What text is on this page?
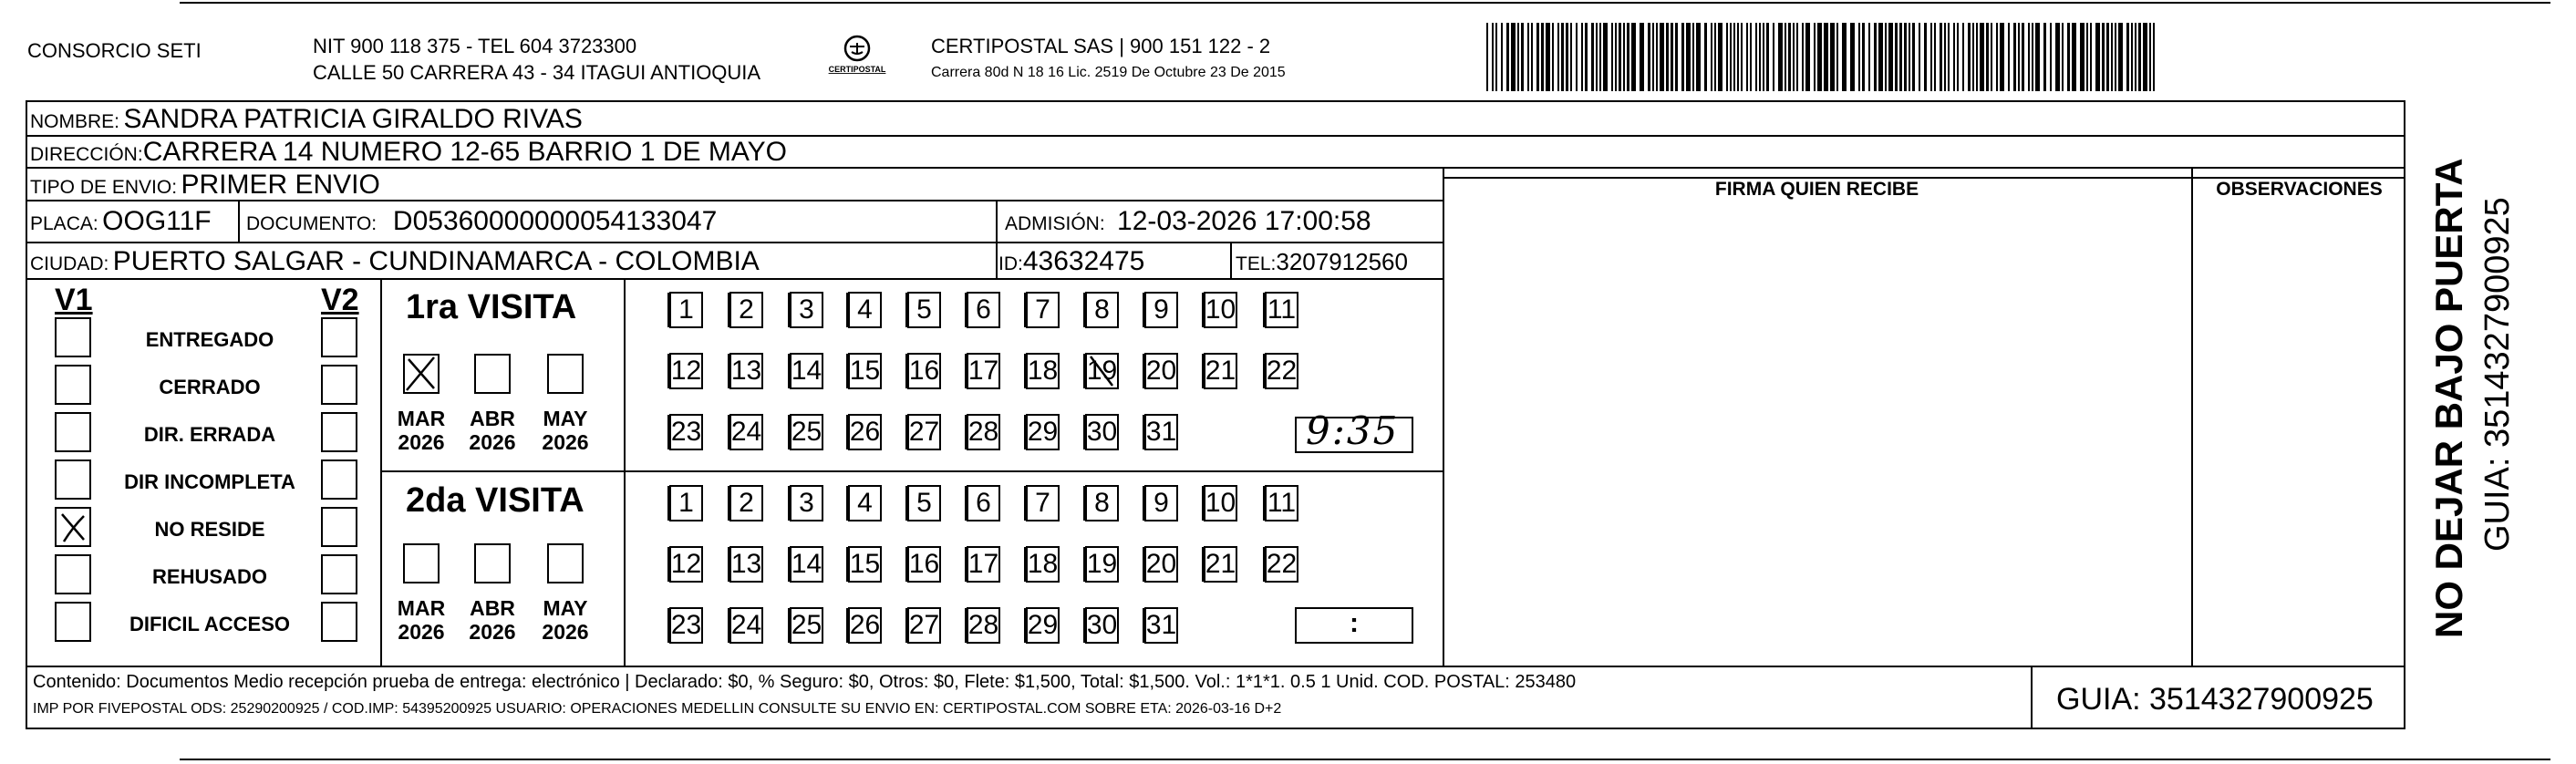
CONSORCIO SETI	NIT 900 118 375 - TEL 604 3723300
CALLE 50 CARRERA 43 - 34 ITAGUI ANTIOQUIA	CERTIPOSTAL
CERTIPOSTAL SAS | 900 151 122 - 2
Carrera 80d N 18 16 Lic. 2519 De Octubre 23 De 2015
NOMBRE: SANDRA PATRICIA GIRALDO RIVAS
DIRECCIÓN:CARRERA 14 NUMERO 12-65 BARRIO 1 DE MAYO
TIPO DE ENVIO: PRIMER ENVIO	FIRMA QUIEN RECIBE	OBSERVACIONES
PLACA: OOG11F DOCUMENTO: D05360000000054133047	ADMISIÓN: 12-03-2026 17:00:58
CIUDAD: PUERTO SALGAR - CUNDINAMARCA - COLOMBIA	ID:43632475	TEL:3207912560
V1	V2
ENTREGADO
CERRADO
DIR. ERRADA
DIR INCOMPLETA
NO RESIDE
REHUSADO
DIFICIL ACCESO
1ra VISITA
2da VISITA
MAR
2026
ABR
2026
MAY
2026
MAR
2026
ABR
2026
MAY
2026
1 2 3 4 5 6 7 8 9 10 11
12 13 14 15 16 17 18 19 20 21 22
23 24 25 26 27 28 29 30 31
1 2 3 4 5 6 7 8 9 10 11
12 13 14 15 16 17 18 19 20 21 22
23 24 25 26 27 28 29 30 31
9:35
:
Contenido: Documentos Medio recepción prueba de entrega: electrónico | Declarado: $0, % Seguro: $0, Otros: $0, Flete: $1,500, Total: $1,500. Vol.: 1*1*1. 0.5 1 Unid. COD. POSTAL: 253480
IMP POR FIVEPOSTAL ODS: 25290200925 / COD.IMP: 54395200925 USUARIO: OPERACIONES MEDELLIN CONSULTE SU ENVIO EN: CERTIPOSTAL.COM SOBRE ETA: 2026-03-16 D+2	GUIA: 3514327900925
NO DEJAR BAJO PUERTA GUIA: 3514327900925
